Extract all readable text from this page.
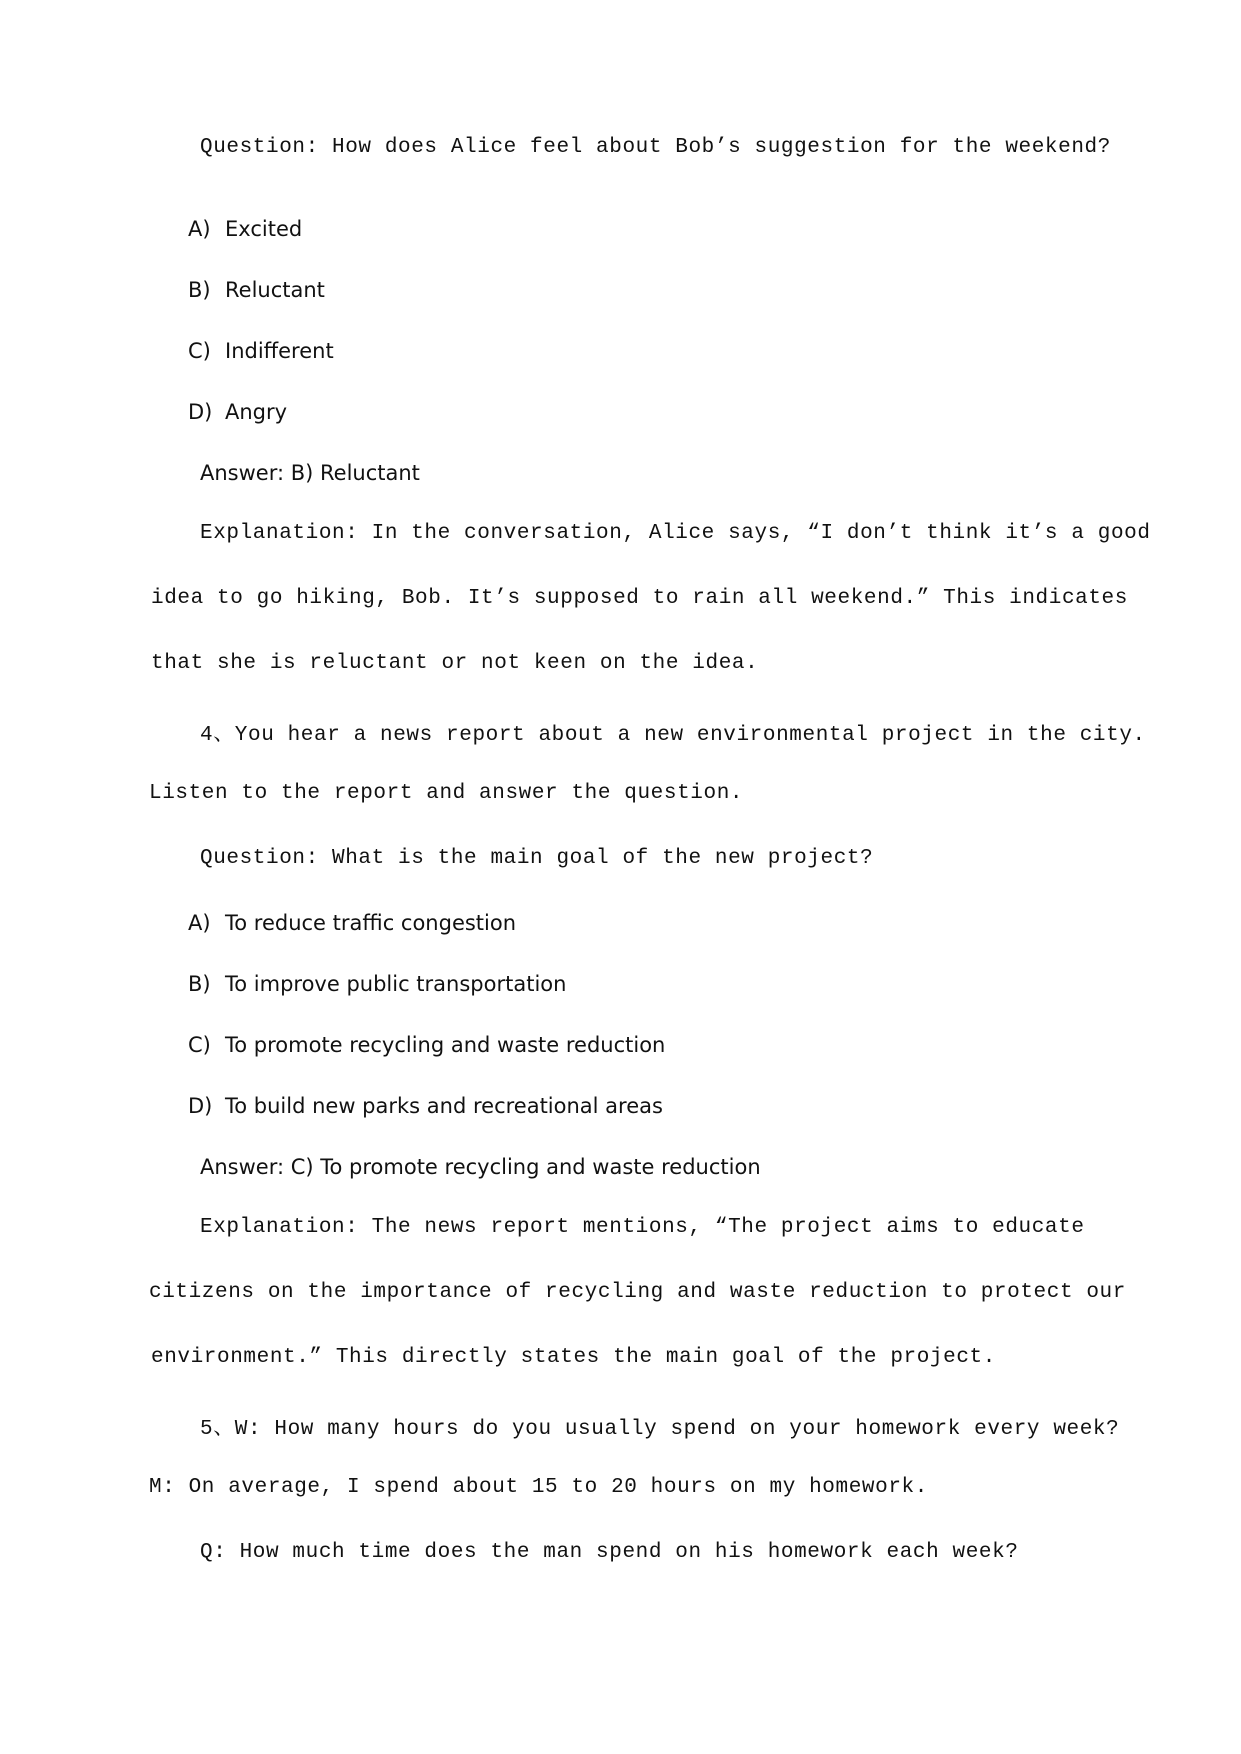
Question: How does Alice feel about Bob’s suggestion for the weekend?

A) Excited
B) Reluctant
C) Indifferent
D) Angry

Answer: B) Reluctant

Explanation: In the conversation, Alice says, “I don’t think it’s a good

idea to go hiking, Bob. It’s supposed to rain all weekend.” This indicates

that she is reluctant or not keen on the idea.

4、You hear a news report about a new environmental project in the city.

Listen to the report and answer the question.

Question: What is the main goal of the new project?

A) To reduce traffic congestion
B) To improve public transportation
C) To promote recycling and waste reduction
D) To build new parks and recreational areas

Answer: C) To promote recycling and waste reduction

Explanation: The news report mentions, “The project aims to educate

citizens on the importance of recycling and waste reduction to protect our

environment.” This directly states the main goal of the project.

5、W: How many hours do you usually spend on your homework every week?

M: On average, I spend about 15 to 20 hours on my homework.

Q: How much time does the man spend on his homework each week?
